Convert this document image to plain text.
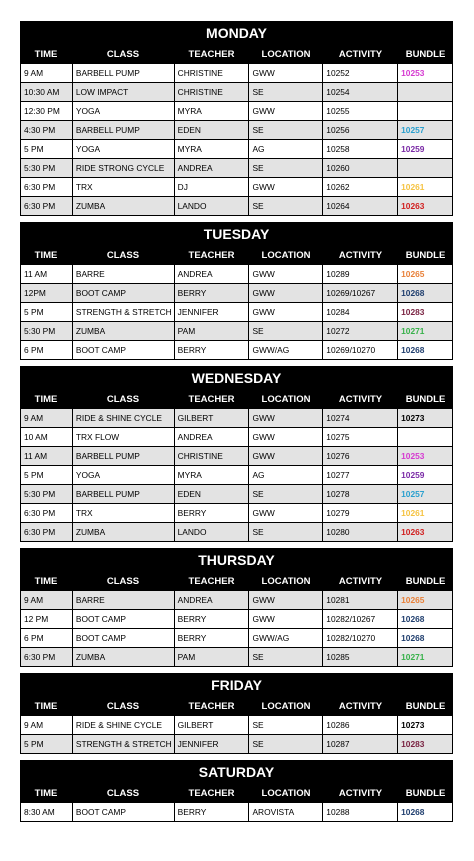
MONDAY
TIME	CLASS	TEACHER	LOCATION	ACTIVITY	BUNDLE
9 AM	BARBELL PUMP	CHRISTINE	GWW	10252	10253
10:30 AM	LOW IMPACT	CHRISTINE	SE	10254
12:30 PM	YOGA	MYRA	GWW	10255
4:30 PM	BARBELL PUMP	EDEN	SE	10256	10257
5 PM	YOGA	MYRA	AG	10258	10259
5:30 PM	RIDE STRONG CYCLE	ANDREA	SE	10260
6:30 PM	TRX	DJ	GWW	10262	10261
6:30 PM	ZUMBA	LANDO	SE	10264	10263
TUESDAY
TIME	CLASS	TEACHER	LOCATION	ACTIVITY	BUNDLE
11 AM	BARRE	ANDREA	GWW	10289	10265
12PM	BOOT CAMP	BERRY	GWW	10269/10267	10268
5 PM	STRENGTH & STRETCH JENNIFER	GWW	10284	10283
5:30 PM	ZUMBA	PAM	SE	10272	10271
6 PM	BOOT CAMP	BERRY	GWW/AG	10269/10270	10268
WEDNESDAY
TIME	CLASS	TEACHER	LOCATION	ACTIVITY	BUNDLE
9 AM	RIDE & SHINE CYCLE	GILBERT	GWW	10274	10273
10 AM	TRX FLOW	ANDREA	GWW	10275
11 AM	BARBELL PUMP	CHRISTINE	GWW	10276	10253
5 PM	YOGA	MYRA	AG	10277	10259
5:30 PM	BARBELL PUMP	EDEN	SE	10278	10257
6:30 PM	TRX	BERRY	GWW	10279	10261
6:30 PM	ZUMBA	LANDO	SE	10280	10263
THURSDAY
TIME	CLASS	TEACHER	LOCATION	ACTIVITY	BUNDLE
9 AM	BARRE	ANDREA	GWW	10281	10265
12 PM	BOOT CAMP	BERRY	GWW	10282/10267	10268
6 PM	BOOT CAMP	BERRY	GWW/AG	10282/10270	10268
6:30 PM	ZUMBA	PAM	SE	10285	10271
FRIDAY
TIME	CLASS	TEACHER	LOCATION	ACTIVITY	BUNDLE
9 AM	RIDE & SHINE CYCLE	GILBERT	SE	10286	10273
5 PM	STRENGTH & STRETCH JENNIFER	SE	10287	10283
SATURDAY
TIME	CLASS	TEACHER	LOCATION	ACTIVITY	BUNDLE
8:30 AM	BOOT CAMP	BERRY	AROVISTA	10288	10268
